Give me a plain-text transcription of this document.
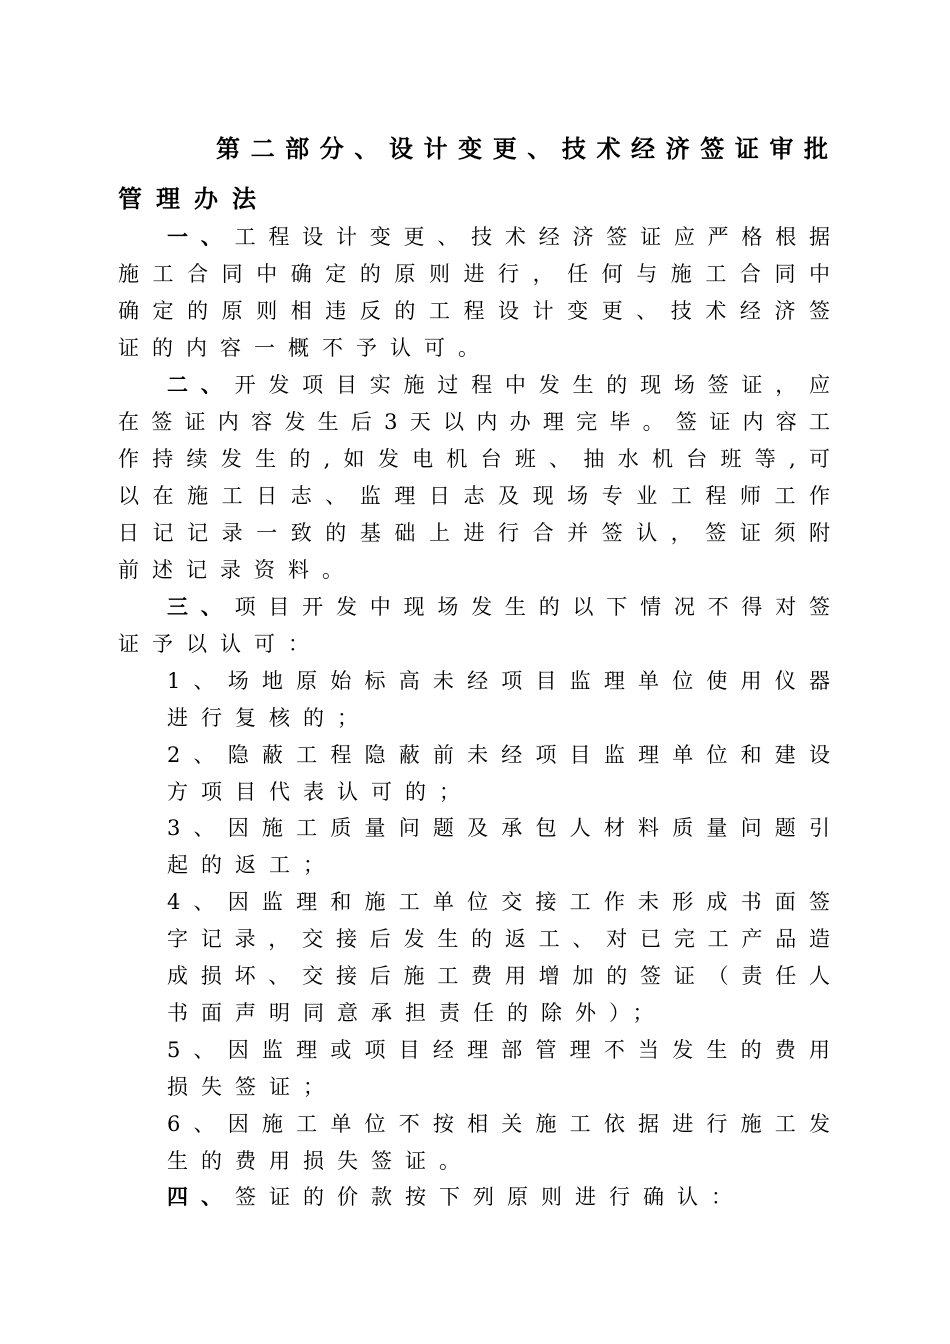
第二部分、设计变更、技术经济签证审批
管理办法
一、工程设计变更、技术经济签证应严格根据
施工合同中确定的原则进行，任何与施工合同中
确定的原则相违反的工程设计变更、技术经济签
证的内容一概不予认可。
二、开发项目实施过程中发生的现场签证，应
在签证内容发生后3天以内办理完毕。签证内容工
作持续发生的,如发电机台班、抽水机台班等,可
以在施工日志、监理日志及现场专业工程师工作
日记记录一致的基础上进行合并签认，签证须附
前述记录资料。
三、项目开发中现场发生的以下情况不得对签
证予以认可：
1、场地原始标高未经项目监理单位使用仪器
进行复核的；
2、隐蔽工程隐蔽前未经项目监理单位和建设
方项目代表认可的；
3、因施工质量问题及承包人材料质量问题引
起的返工；
4、因监理和施工单位交接工作未形成书面签
字记录，交接后发生的返工、对已完工产品造
成损坏、交接后施工费用增加的签证（责任人
书面声明同意承担责任的除外）；
5、因监理或项目经理部管理不当发生的费用
损失签证；
6、因施工单位不按相关施工依据进行施工发
生的费用损失签证。
四、签证的价款按下列原则进行确认：
